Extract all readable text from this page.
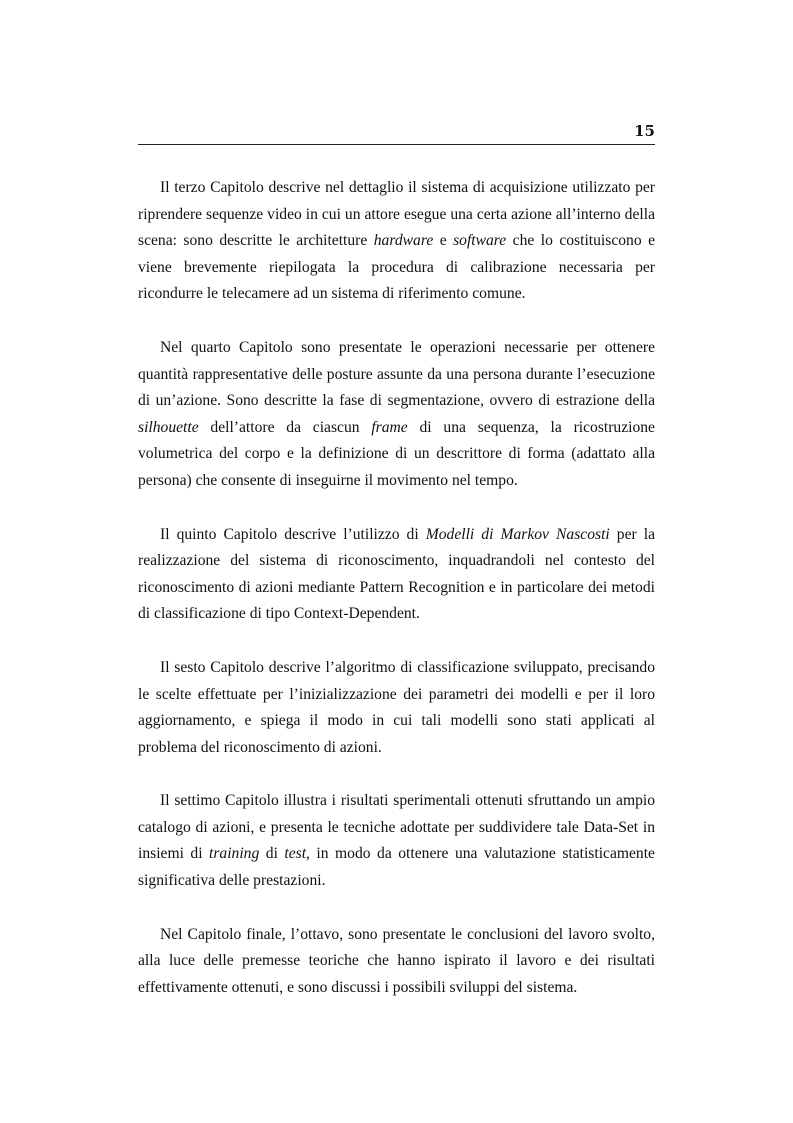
15

Il terzo Capitolo descrive nel dettaglio il sistema di acquisizione utilizzato per riprendere sequenze video in cui un attore esegue una certa azione all’interno della scena: sono descritte le architetture hardware e software che lo costituiscono e viene brevemente riepilogata la procedura di calibrazione necessaria per ricondurre le telecamere ad un sistema di riferimento comune.

Nel quarto Capitolo sono presentate le operazioni necessarie per ottenere quantità rappresentative delle posture assunte da una persona durante l’esecuzione di un’azione. Sono descritte la fase di segmentazione, ovvero di estrazione della silhouette dell’attore da ciascun frame di una sequenza, la ricostruzione volumetrica del corpo e la definizione di un descrittore di forma (adattato alla persona) che consente di inseguirne il movimento nel tempo.

Il quinto Capitolo descrive l’utilizzo di Modelli di Markov Nascosti per la realizzazione del sistema di riconoscimento, inquadrandoli nel contesto del riconoscimento di azioni mediante Pattern Recognition e in particolare dei metodi di classificazione di tipo Context-Dependent.

Il sesto Capitolo descrive l’algoritmo di classificazione sviluppato, precisando le scelte effettuate per l’inizializzazione dei parametri dei modelli e per il loro aggiornamento, e spiega il modo in cui tali modelli sono stati applicati al problema del riconoscimento di azioni.

Il settimo Capitolo illustra i risultati sperimentali ottenuti sfruttando un ampio catalogo di azioni, e presenta le tecniche adottate per suddividere tale Data-Set in insiemi di training di test, in modo da ottenere una valutazione statisticamente significativa delle prestazioni.

Nel Capitolo finale, l’ottavo, sono presentate le conclusioni del lavoro svolto, alla luce delle premesse teoriche che hanno ispirato il lavoro e dei risultati effettivamente ottenuti, e sono discussi i possibili sviluppi del sistema.
